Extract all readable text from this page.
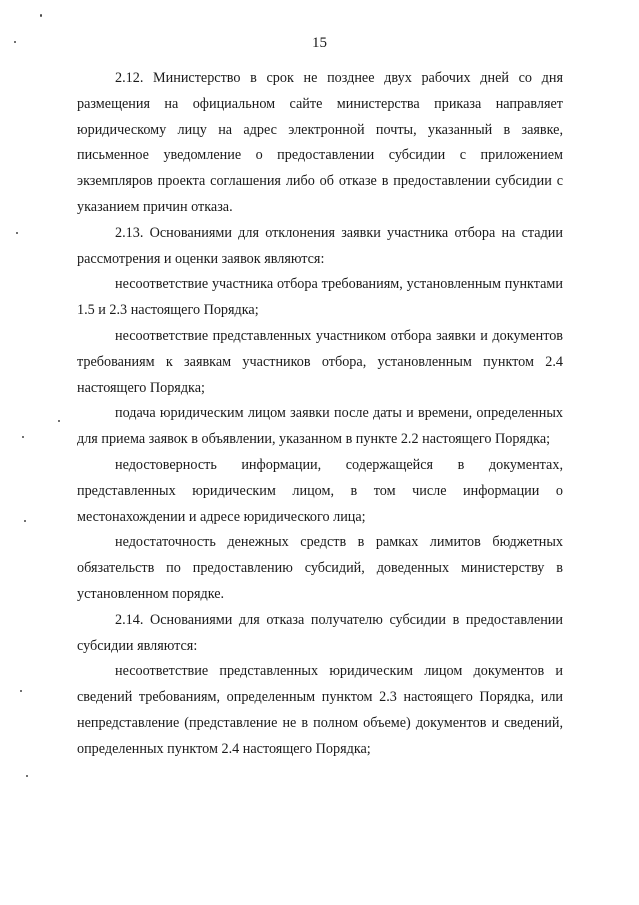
15

2.12. Министерство в срок не позднее двух рабочих дней со дня размещения на официальном сайте министерства приказа направляет юридическому лицу на адрес электронной почты, указанный в заявке, письменное уведомление о предоставлении субсидии с приложением экземпляров проекта соглашения либо об отказе в предоставлении субсидии с указанием причин отказа.

2.13. Основаниями для отклонения заявки участника отбора на стадии рассмотрения и оценки заявок являются:

несоответствие участника отбора требованиям, установленным пунктами 1.5 и 2.3 настоящего Порядка;

несоответствие представленных участником отбора заявки и документов требованиям к заявкам участников отбора, установленным пунктом 2.4 настоящего Порядка;

подача юридическим лицом заявки после даты и времени, определенных для приема заявок в объявлении, указанном в пункте 2.2 настоящего Порядка;

недостоверность информации, содержащейся в документах, представленных юридическим лицом, в том числе информации о местонахождении и адресе юридического лица;

недостаточность денежных средств в рамках лимитов бюджетных обязательств по предоставлению субсидий, доведенных министерству в установленном порядке.

2.14. Основаниями для отказа получателю субсидии в предоставлении субсидии являются:

несоответствие представленных юридическим лицом документов и сведений требованиям, определенным пунктом 2.3 настоящего Порядка, или непредставление (представление не в полном объеме) документов и сведений, определенных пунктом 2.4 настоящего Порядка;
